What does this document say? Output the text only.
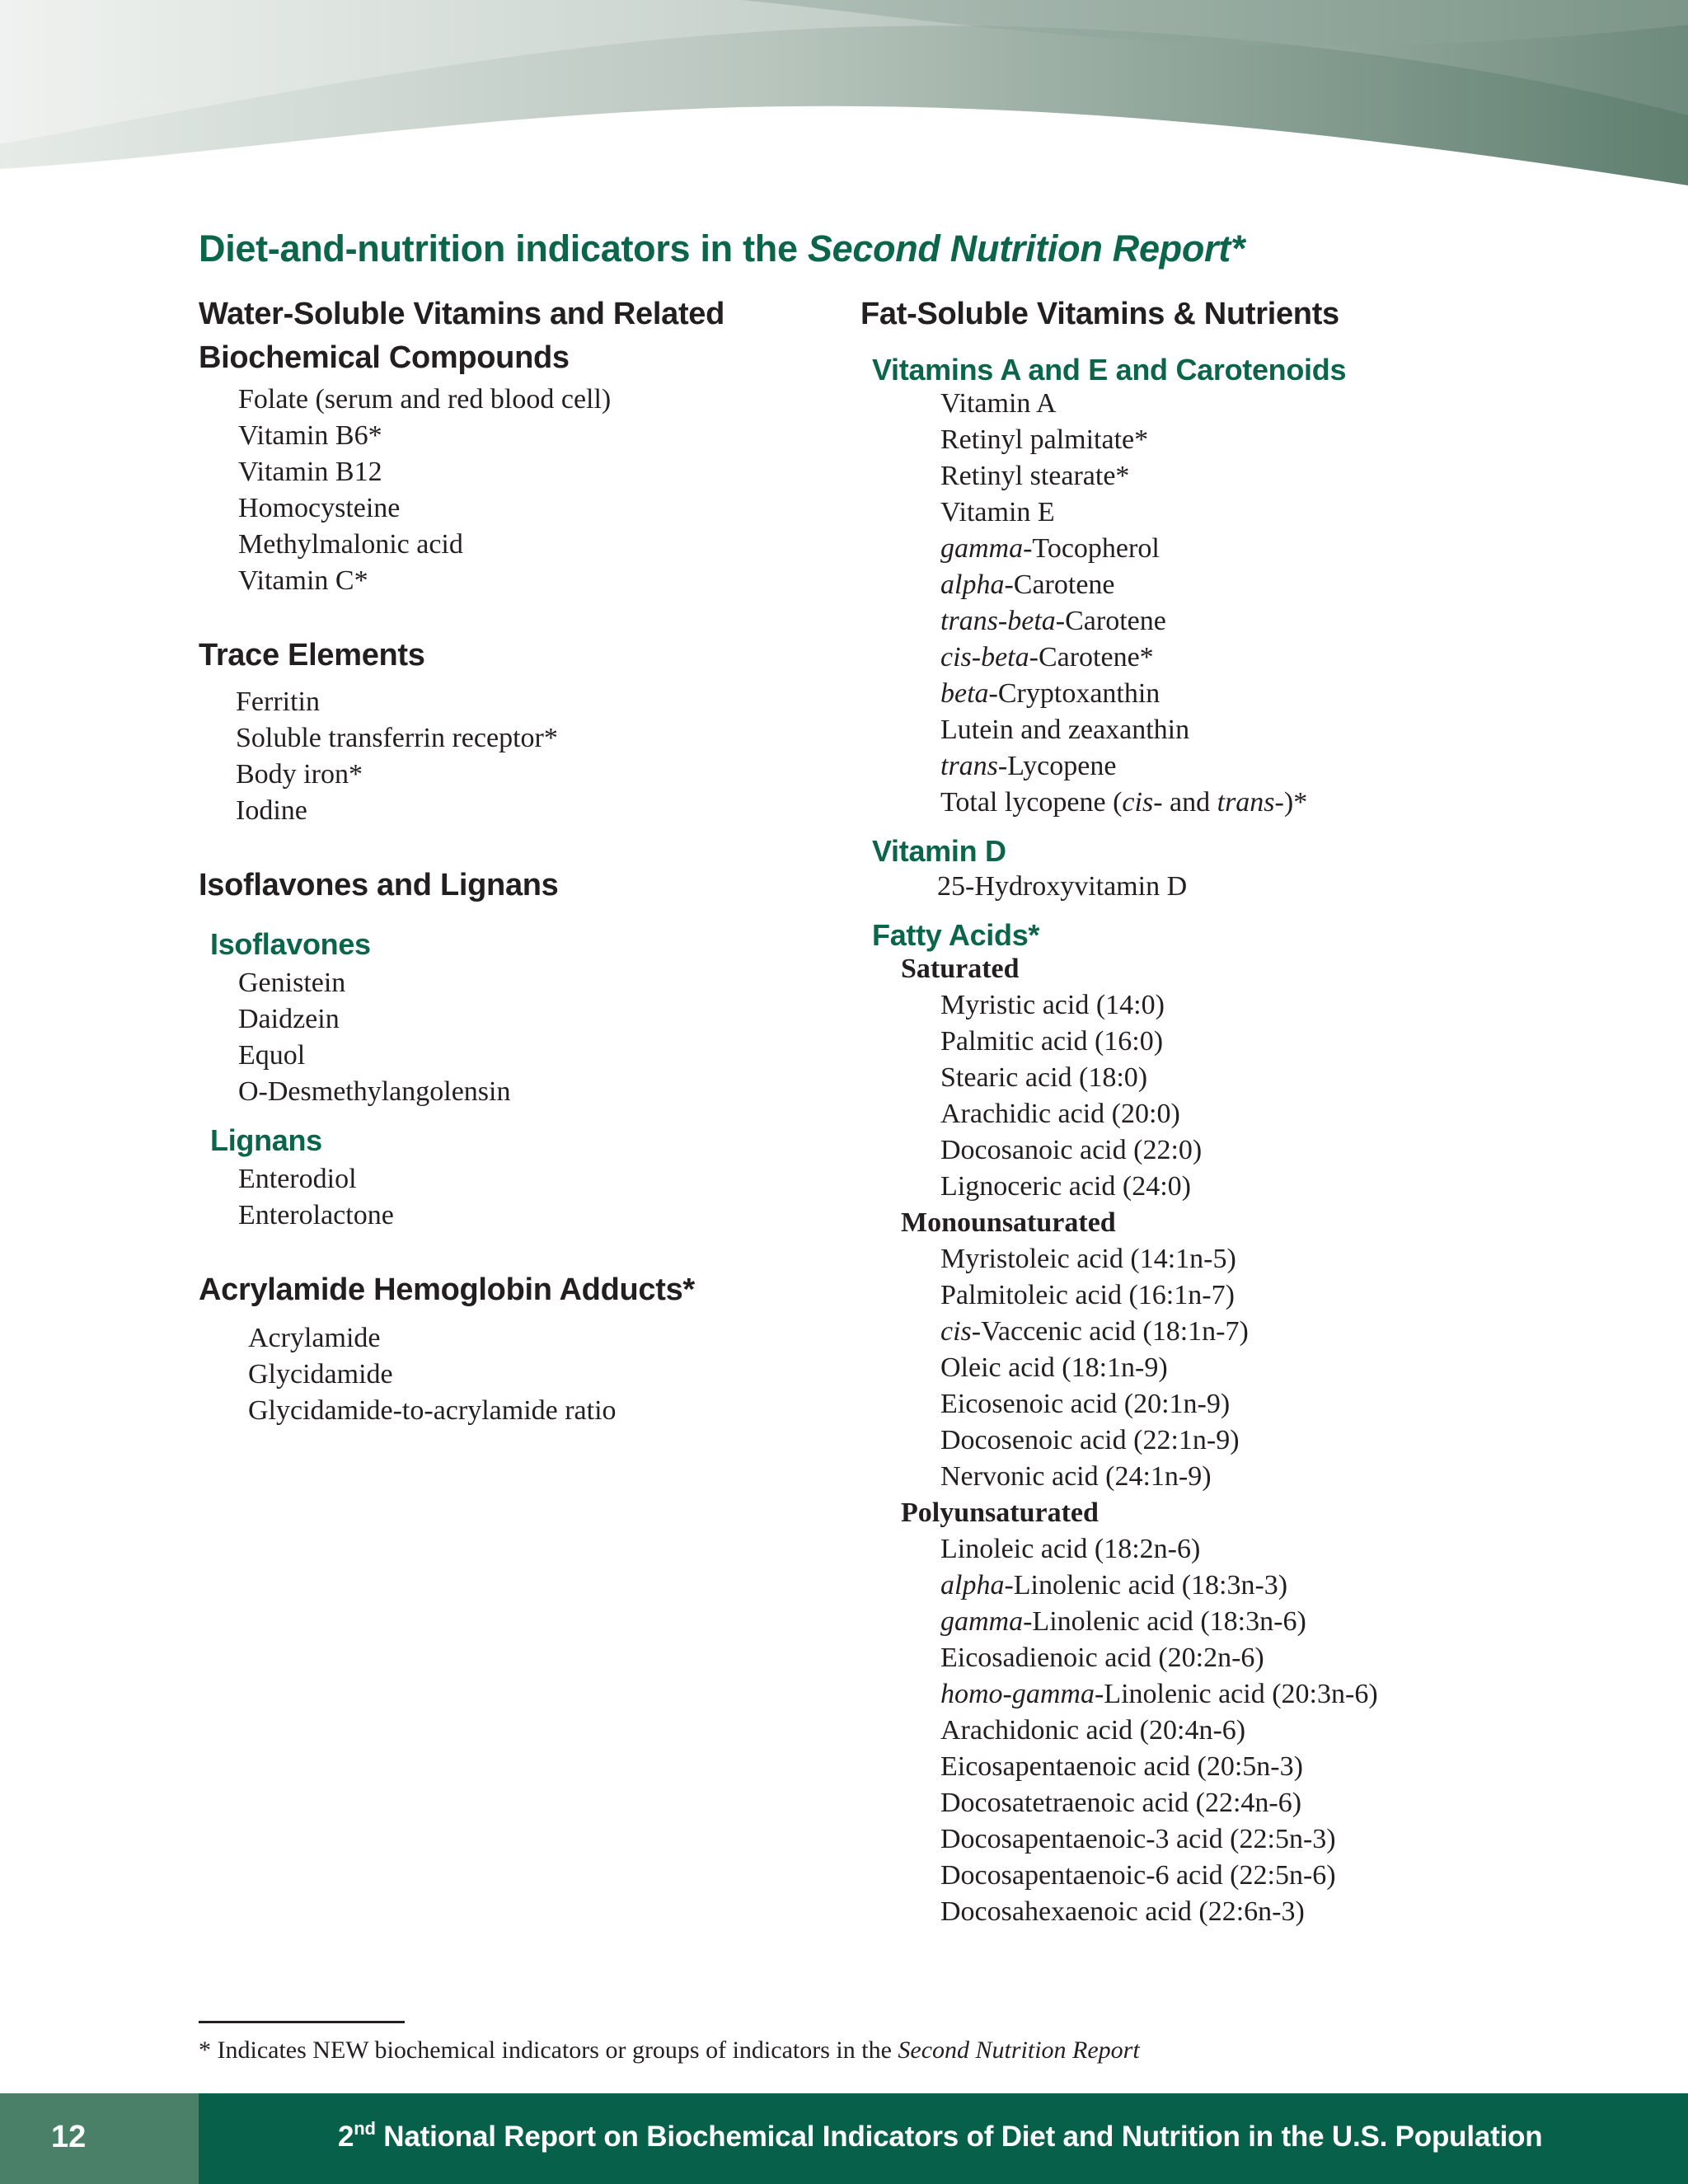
Diet-and-nutrition indicators in the Second Nutrition Report*
Water-Soluble Vitamins and Related
Biochemical Compounds
Folate (serum and red blood cell)
Vitamin B6*
Vitamin B12
Homocysteine
Methylmalonic acid
Vitamin C*
Trace Elements
Ferritin
Soluble transferrin receptor*
Body iron*
Iodine
Isoflavones and Lignans
Isoflavones
Genistein
Daidzein
Equol
O-Desmethylangolensin
Lignans
Enterodiol
Enterolactone
Acrylamide Hemoglobin Adducts*
Acrylamide
Glycidamide
Glycidamide-to-acrylamide ratio
Fat-Soluble Vitamins & Nutrients
Vitamins A and E and Carotenoids
Vitamin A
Retinyl palmitate*
Retinyl stearate*
Vitamin E
gamma-Tocopherol
alpha-Carotene
trans-beta-Carotene
cis-beta-Carotene*
beta-Cryptoxanthin
Lutein and zeaxanthin
trans-Lycopene
Total lycopene (cis- and trans-)*
Vitamin D
25-Hydroxyvitamin D
Fatty Acids*
Saturated
Myristic acid (14:0)
Palmitic acid (16:0)
Stearic acid (18:0)
Arachidic acid (20:0)
Docosanoic acid (22:0)
Lignoceric acid (24:0)
Monounsaturated
Myristoleic acid (14:1n-5)
Palmitoleic acid (16:1n-7)
cis-Vaccenic acid (18:1n-7)
Oleic acid (18:1n-9)
Eicosenoic acid (20:1n-9)
Docosenoic acid (22:1n-9)
Nervonic acid (24:1n-9)
Polyunsaturated
Linoleic acid (18:2n-6)
alpha-Linolenic acid (18:3n-3)
gamma-Linolenic acid (18:3n-6)
Eicosadienoic acid (20:2n-6)
homo-gamma-Linolenic acid (20:3n-6)
Arachidonic acid (20:4n-6)
Eicosapentaenoic acid (20:5n-3)
Docosatetraenoic acid (22:4n-6)
Docosapentaenoic-3 acid (22:5n-3)
Docosapentaenoic-6 acid (22:5n-6)
Docosahexaenoic acid (22:6n-3)
* Indicates NEW biochemical indicators or groups of indicators in the Second Nutrition Report
12	2nd National Report on Biochemical Indicators of Diet and Nutrition in the U.S. Population
